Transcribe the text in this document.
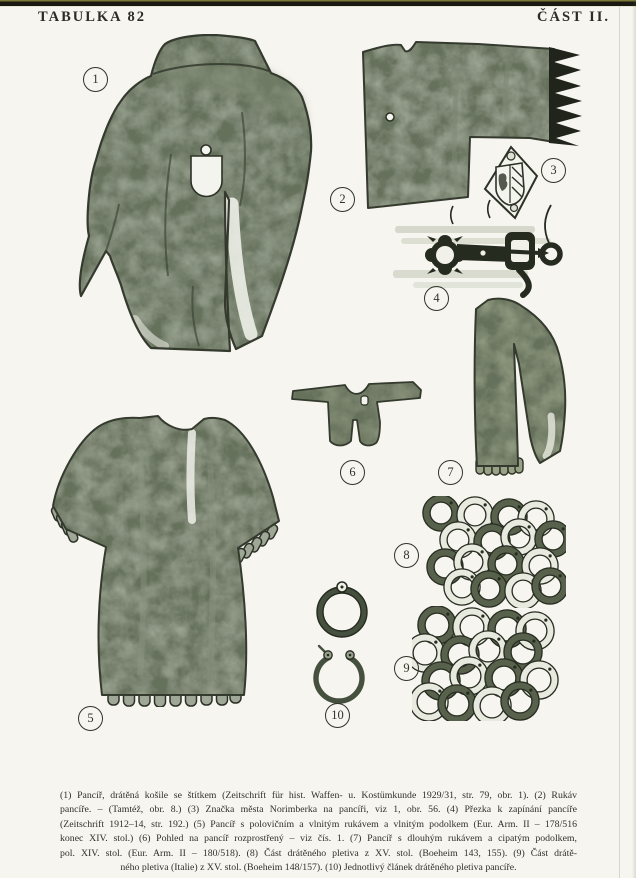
TABULKA 82	ČÁST II.
1
2
3
4
5
6	7
8
9
10
(1) Pancíř, drátěná košile se štítkem (Zeitschrift für hist. Waffen- u. Kostümkunde 1929/31, str. 79, obr. 1). (2) Rukáv
pancíře. – (Tamtéž, obr. 8.) (3) Značka města Norimberka na pancíři, viz 1, obr. 56. (4) Přezka k zapínání pancíře
(Zeitschrift 1912–14, str. 192.) (5) Pancíř s polovičním a vlnitým rukávem a vlnitým podolkem (Eur. Arm. II – 178/516
konec XIV. stol.) (6) Pohled na pancíř rozprostřený – viz čís. 1. (7) Pancíř s dlouhým rukávem a cipatým podolkem,
pol. XIV. stol. (Eur. Arm. II – 180/518). (8) Část drátěného pletiva z XV. stol. (Boeheim 143, 155). (9) Část drátě-
ného pletiva (Italie) z XV. stol. (Boeheim 148/157). (10) Jednotlivý článek drátěného pletiva pancíře.
